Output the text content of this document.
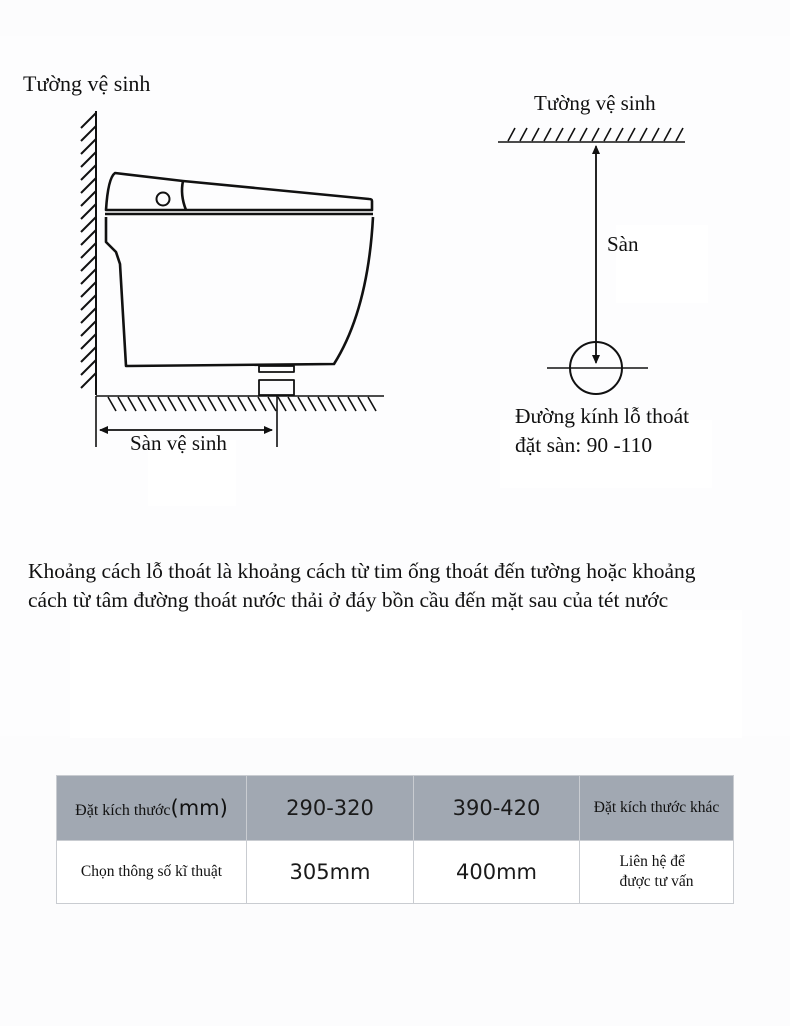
Tường vệ sinh
Sàn vệ sinh
Tường vệ sinh
Sàn
Đường kính lỗ thoát
đặt sàn: 90 -110
Khoảng cách lỗ thoát là khoảng cách từ tim ống thoát đến tường hoặc khoảng
cách từ tâm đường thoát nước thải ở đáy bồn cầu đến mặt sau của tét nước
Đặt kích thước(mm)	290-320	390-420	Đặt kích thước khác
Chọn thông số kĩ thuật	305mm	400mm	Liên hệ để
được tư vấn
